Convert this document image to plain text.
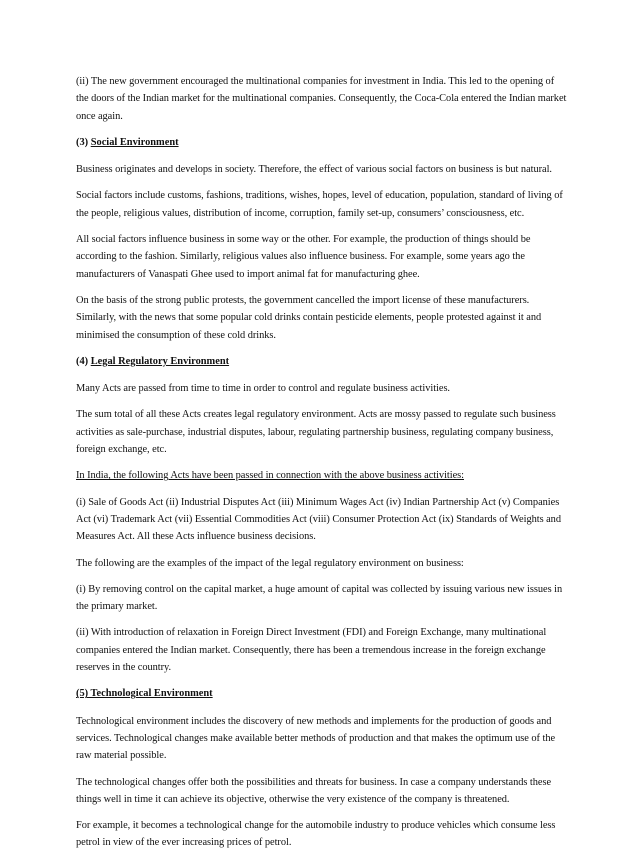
(ii) The new government encouraged the multinational companies for investment in India. This led to the opening of the doors of the Indian market for the multinational companies. Consequently, the Coca-Cola entered the Indian market once again.

(3) Social Environment

Business originates and develops in society. Therefore, the effect of various social factors on business is but natural.

Social factors include customs, fashions, traditions, wishes, hopes, level of education, population, standard of living of the people, religious values, distribution of income, corruption, family set-up, consumers’ consciousness, etc.

All social factors influence business in some way or the other. For example, the production of things should be according to the fashion. Similarly, religious values also influence business. For example, some years ago the manufacturers of Vanaspati Ghee used to import animal fat for manufacturing ghee.

On the basis of the strong public protests, the government cancelled the import license of these manufacturers. Similarly, with the news that some popular cold drinks contain pesticide elements, people protested against it and minimised the consumption of these cold drinks.

(4) Legal Regulatory Environment

Many Acts are passed from time to time in order to control and regulate business activities.

The sum total of all these Acts creates legal regulatory environment. Acts are mossy passed to regulate such business activities as sale-purchase, industrial disputes, labour, regulating partnership business, regulating company business, foreign exchange, etc.

In India, the following Acts have been passed in connection with the above business activities:

(i) Sale of Goods Act (ii) Industrial Disputes Act (iii) Minimum Wages Act (iv) Indian Partnership Act (v) Companies Act (vi) Trademark Act (vii) Essential Commodities Act (viii) Consumer Protection Act (ix) Standards of Weights and Measures Act. All these Acts influence business decisions.

The following are the examples of the impact of the legal regulatory environment on business:

(i) By removing control on the capital market, a huge amount of capital was collected by issuing various new issues in the primary market.

(ii) With introduction of relaxation in Foreign Direct Investment (FDI) and Foreign Exchange, many multinational companies entered the Indian market. Consequently, there has been a tremendous increase in the foreign exchange reserves in the country.

(5) Technological Environment

Technological environment includes the discovery of new methods and implements for the production of goods and services. Technological changes make available better methods of production and that makes the optimum use of the raw material possible.

The technological changes offer both the possibilities and threats for business. In case a company understands these things well in time it can achieve its objective, otherwise the very existence of the company is threatened.

For example, it becomes a technological change for the automobile industry to produce vehicles which consume less petrol in view of the ever increasing prices of petrol.
